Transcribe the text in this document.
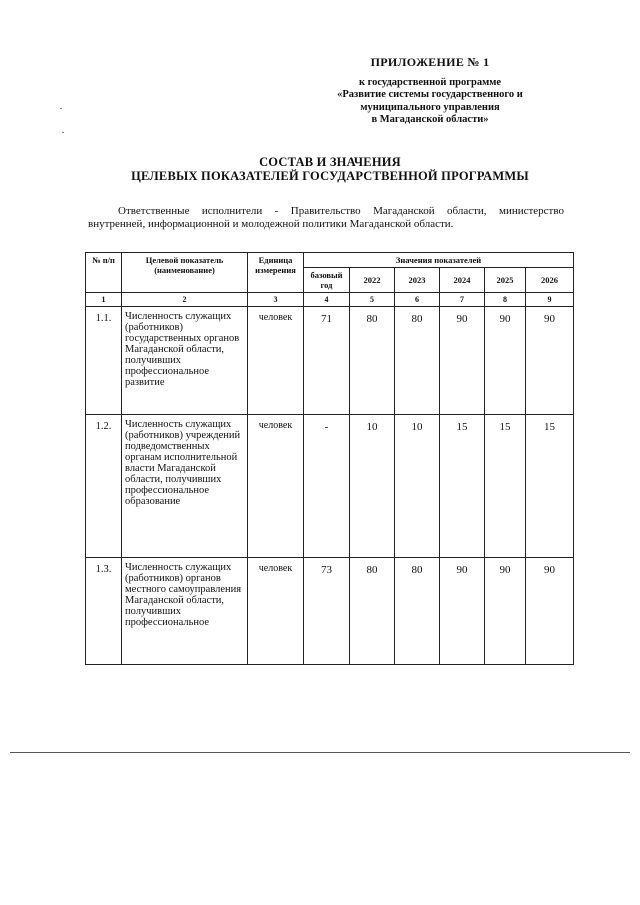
ПРИЛОЖЕНИЕ № 1
к государственной программе
«Развитие системы государственного и
муниципального управления
в Магаданской области»
СОСТАВ И ЗНАЧЕНИЯ
ЦЕЛЕВЫХ ПОКАЗАТЕЛЕЙ ГОСУДАРСТВЕННОЙ ПРОГРАММЫ
Ответственные исполнители - Правительство Магаданской области, министерство внутренней, информационной и молодежной политики Магаданской области.
№ п/п	Целевой показатель (наименование)	Единица измерения	Значения показателей					
			базовый год	2022	2023	2024	2025	2026
1	2	3	4	5	6	7	8	9
1.1.	Численность служащих (работников) государственных органов Магаданской области, получивших профессиональное развитие	человек	71	80	80	90	90	90
1.2.	Численность служащих (работников) учреждений подведомственных органам исполнительной власти Магаданской области, получивших профессиональное образование	человек	-	10	10	15	15	15
1.3.	Численность служащих (работников) органов местного самоуправления Магаданской области, получивших профессиональное	человек	73	80	80	90	90	90
